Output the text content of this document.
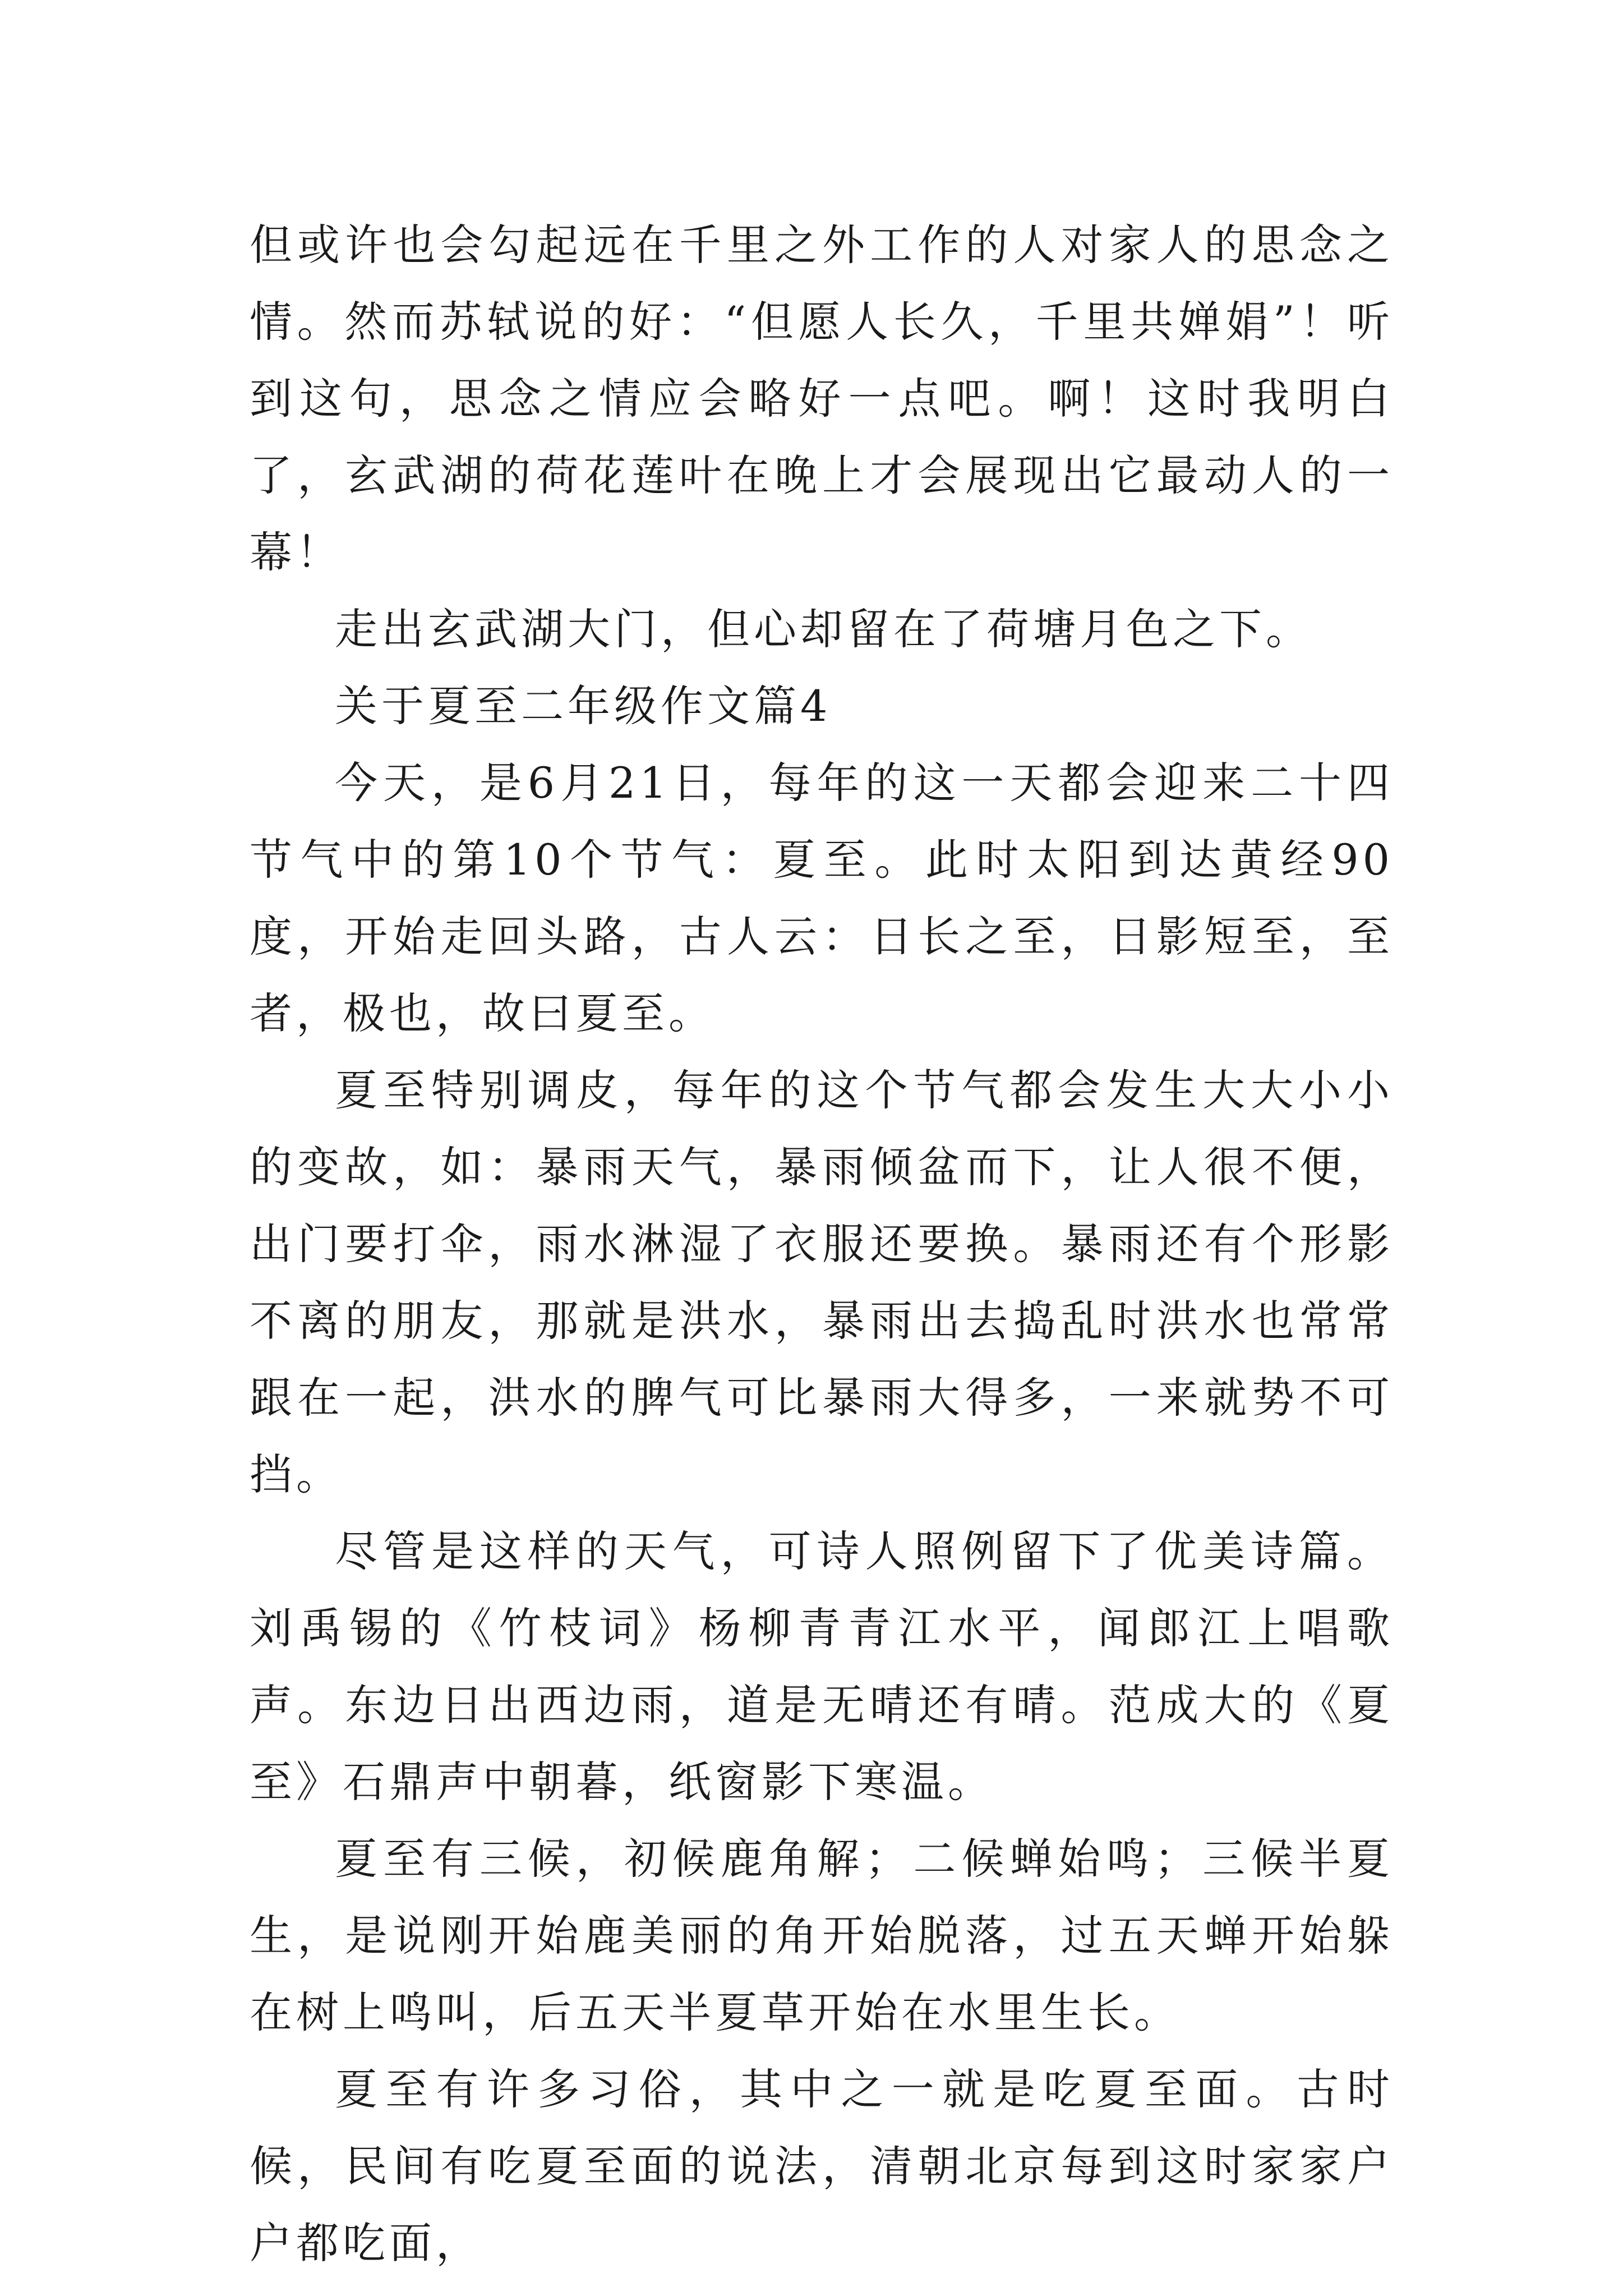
但或许也会勾起远在千里之外工作的人对家人的思念之情。然而苏轼说的好：“但愿人长久，千里共婵娟”！听到这句，思念之情应会略好一点吧。啊！这时我明白了，玄武湖的荷花莲叶在晚上才会展现出它最动人的一幕！

走出玄武湖大门，但心却留在了荷塘月色之下。

关于夏至二年级作文篇4

今天，是6月21日，每年的这一天都会迎来二十四节气中的第10个节气：夏至。此时太阳到达黄经90度，开始走回头路，古人云：日长之至，日影短至，至者，极也，故曰夏至。

夏至特别调皮，每年的这个节气都会发生大大小小的变故，如：暴雨天气，暴雨倾盆而下，让人很不便，出门要打伞，雨水淋湿了衣服还要换。暴雨还有个形影不离的朋友，那就是洪水，暴雨出去捣乱时洪水也常常跟在一起，洪水的脾气可比暴雨大得多，一来就势不可挡。

尽管是这样的天气，可诗人照例留下了优美诗篇。刘禹锡的《竹枝词》杨柳青青江水平，闻郎江上唱歌声。东边日出西边雨，道是无晴还有晴。范成大的《夏至》石鼎声中朝暮，纸窗影下寒温。

夏至有三候，初候鹿角解；二候蝉始鸣；三候半夏生，是说刚开始鹿美丽的角开始脱落，过五天蝉开始躲在树上鸣叫，后五天半夏草开始在水里生长。

夏至有许多习俗，其中之一就是吃夏至面。古时候，民间有吃夏至面的说法，清朝北京每到这时家家户户都吃面，
